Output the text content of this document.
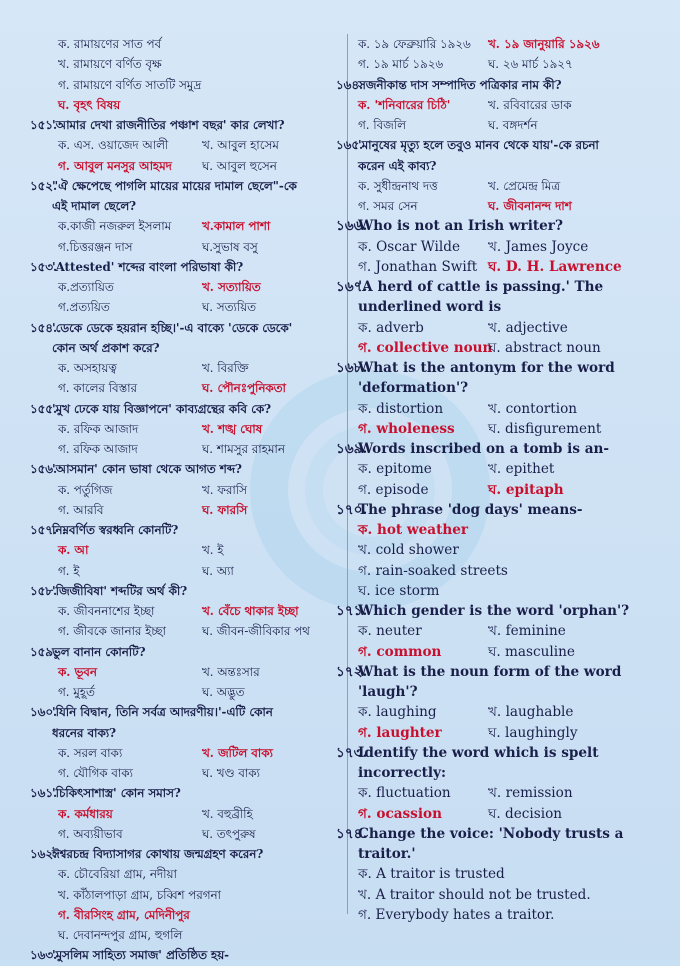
ক. রামায়ণের সাত পর্ব
খ. রামায়ণে বর্ণিত বৃক্ষ
গ. রামায়ণে বর্ণিত সাতটি সমুদ্র
ঘ. বৃহৎ বিষয়
১৫১.
'আমার দেখা রাজনীতির পঞ্চাশ বছর' কার লেখা?
ক. এস. ওয়াজেদ আলী	খ. আবুল হাসেম
গ. আবুল মনসুর আহমদ	ঘ. আবুল হুসেন
১৫২.
"ঐ ক্ষেপেছে পাগলি মায়ের মায়ের দামাল ছেলে"-কে
এই দামাল ছেলে?
ক.কাজী নজরুল ইসলাম	খ.কামাল পাশা
গ.চিত্তরঞ্জন দাস	ঘ.সুভাষ বসু
১৫৩.
'Attested' শব্দের বাংলা পরিভাষা কী?
ক.প্রত্যায়িত	খ. সত্যায়িত
গ.প্রত্যয়িত	ঘ. সত্যয়িত
১৫৪.
'ডেকে ডেকে হয়রান হচ্ছি।'-এ বাক্যে 'ডেকে ডেকে'
কোন অর্থ প্রকাশ করে?
ক. অসহায়ত্ব	খ. বিরক্তি
গ. কালের বিস্তার	ঘ. পৌনঃপুনিকতা
১৫৫.
'মুখ ঢেকে যায় বিজ্ঞাপনে' কাব্যগ্রন্থের কবি কে?
ক. রফিক আজাদ	খ. শঙ্খ ঘোষ
গ. রফিক আজাদ	ঘ. শামসুর রাহমান
১৫৬.
'আসমান' কোন ভাষা থেকে আগত শব্দ?
ক. পর্তুগিজ	খ. ফরাসি
গ. আরবি	ঘ. ফারসি
১৫৭.
নিম্নবর্ণিত স্বরধ্বনি কোনটি?
ক. আ	খ. ই
গ. ই	ঘ. অ্যা
১৫৮.
'জিজীবিষা' শব্দটির অর্থ কী?
ক. জীবননাশের ইচ্ছা	খ. বেঁচে থাকার ইচ্ছা
গ. জীবকে জানার ইচ্ছা	ঘ. জীবন-জীবিকার পথ
১৫৯.
ভুল বানান কোনটি?
ক. ভূবন	খ. অন্তঃসার
গ. মুহূর্ত	ঘ. অদ্ভুত
১৬০.
'যিনি বিদ্বান, তিনি সর্বত্র আদরণীয়।'-এটি কোন
ধরনের বাক্য?
ক. সরল বাক্য	খ. জটিল বাক্য
গ. যৌগিক বাক্য	ঘ. খণ্ড বাক্য
১৬১.
'চিকিৎসাশাস্ত্র' কোন সমাস?
ক. কর্মধারয়	খ. বহুব্রীহি
গ. অব্যয়ীভাব	ঘ. তৎপুরুষ
১৬২.
ঈশ্বরচন্দ্র বিদ্যাসাগর কোথায় জন্মগ্রহণ করেন?
ক. চৌবেরিয়া গ্রাম, নদীয়া
খ. কাঁঠালপাড়া গ্রাম, চব্বিশ পরগনা
গ. বীরসিংহ গ্রাম, মেদিনীপুর
ঘ. দেবানন্দপুর গ্রাম, হুগলি
১৬৩.
'মুসলিম সাহিত্য সমাজ' প্রতিষ্ঠিত হয়-
ক. ১৯ ফেব্রুয়ারি ১৯২৬ খ. ১৯ জানুয়ারি ১৯২৬
গ. ১৯ মার্চ ১৯২৬	ঘ. ২৬ মার্চ ১৯২৭
১৬৪.
সজনীকান্ত দাস সম্পাদিত পত্রিকার নাম কী?
ক. 'শনিবারের চিঠি'	খ. রবিবারের ডাক
গ. বিজলি	ঘ. বঙ্গদর্শন
১৬৫.
'মানুষের মৃত্যু হলে তবুও মানব থেকে যায়'-কে রচনা
করেন এই কাব্য?
ক. সুধীন্দ্রনাথ দত্ত	খ. প্রেমেন্দ্র মিত্র
গ. সমর সেন	ঘ. জীবনানন্দ দাশ
১৬৬.
Who is not an Irish writer?
ক. Oscar Wilde খ. James Joyce
গ. Jonathan Swift ঘ. D. H. Lawrence
১৬৭.
'A herd of cattle is passing.' The
underlined word is
ক. adverb	খ. adjective
গ. collective noun
ঘ. abstract noun
১৬৮.
What is the antonym for the word
'deformation'?
ক. distortion	খ. contortion
গ. wholeness ঘ. disfigurement
১৬৯.
Words inscribed on a tomb is an-
ক. epitome	খ. epithet
গ. episode	ঘ. epitaph
১৭০.
The phrase 'dog days' means-
ক. hot weather
খ. cold shower
গ. rain-soaked streets
ঘ. ice storm
১৭১.
Which gender is the word 'orphan'?
ক. neuter	খ. feminine
গ. common	ঘ. masculine
১৭২.
What is the noun form of the word
'laugh'?
ক. laughing	খ. laughable
গ. laughter	ঘ. laughingly
১৭৩.
Identify the word which is spelt
incorrectly:
ক. fluctuation	খ. remission
গ. ocassion	ঘ. decision
১৭৪.
Change the voice: 'Nobody trusts a
traitor.'
ক. A traitor is trusted
খ. A traitor should not be trusted.
গ. Everybody hates a traitor.
